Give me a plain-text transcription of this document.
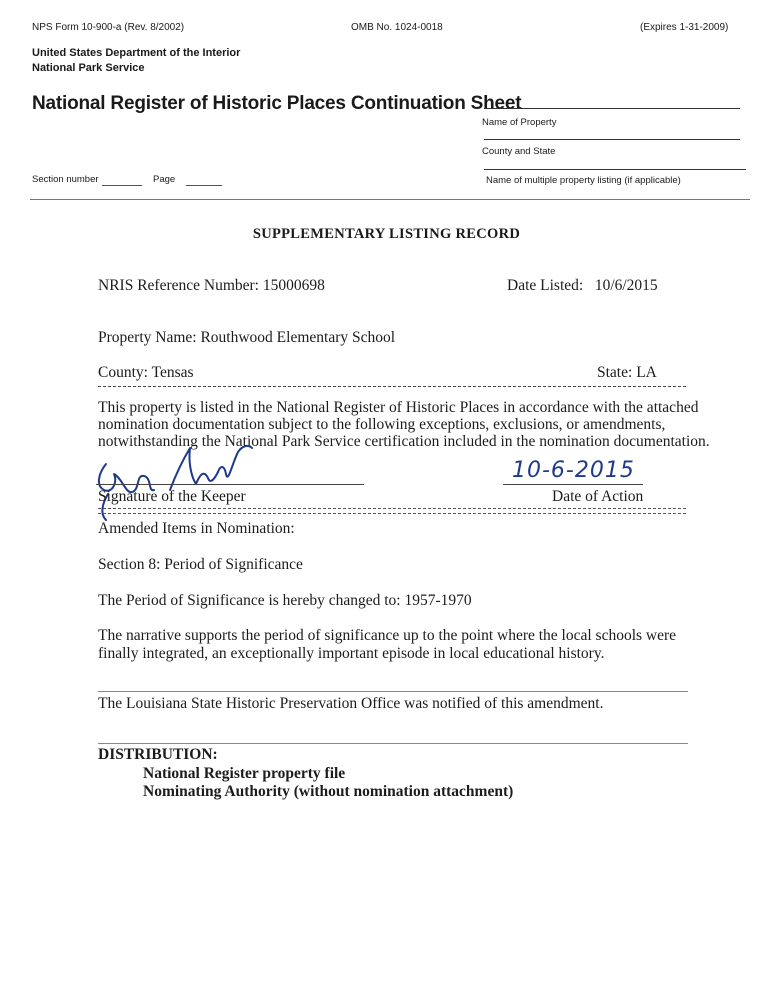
NPS Form 10-900-a (Rev. 8/2002)	OMB No. 1024-0018	(Expires 1-31-2009)
United States Department of the Interior
National Park Service
National Register of Historic Places Continuation Sheet
Name of Property
County and State
Name of multiple property listing (if applicable)
Section number	Page
SUPPLEMENTARY LISTING RECORD
NRIS Reference Number: 15000698	Date Listed: 10/6/2015
Property Name: Routhwood Elementary School
County: Tensas	State: LA
This property is listed in the National Register of Historic Places in accordance with the attached
nomination documentation subject to the following exceptions, exclusions, or amendments,
notwithstanding the National Park Service certification included in the nomination documentation.
10-6-2015
Signature of the Keeper	Date of Action
Amended Items in Nomination:
Section 8: Period of Significance
The Period of Significance is hereby changed to: 1957-1970
The narrative supports the period of significance up to the point where the local schools were
finally integrated, an exceptionally important episode in local educational history.
The Louisiana State Historic Preservation Office was notified of this amendment.
DISTRIBUTION:
National Register property file
Nominating Authority (without nomination attachment)
